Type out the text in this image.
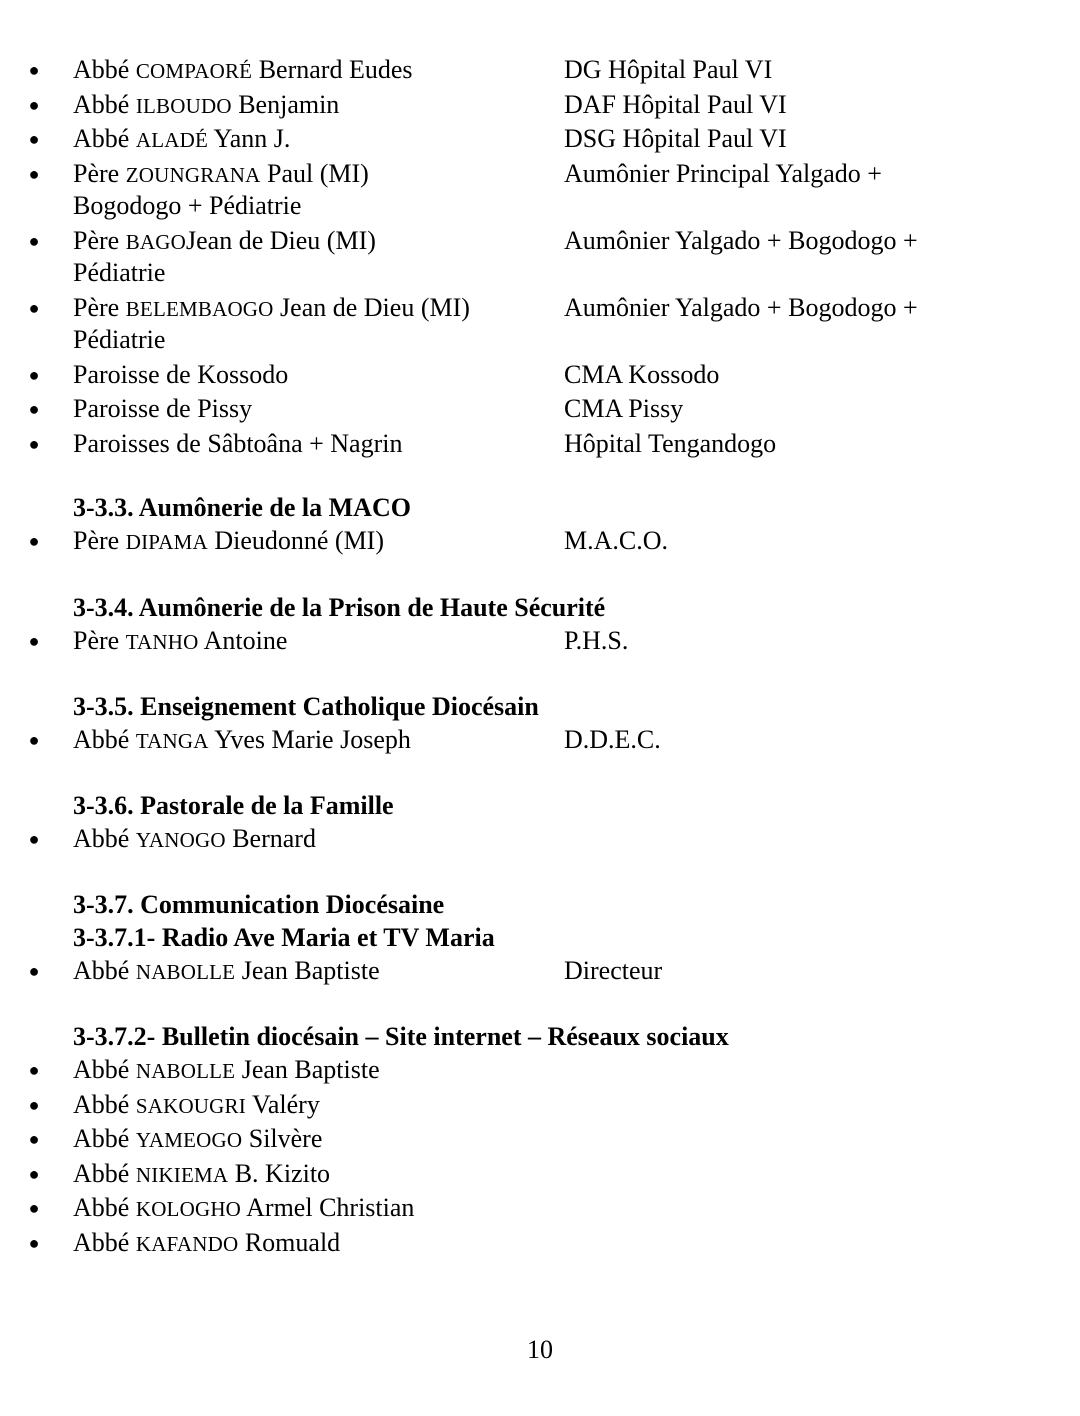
● Abbé COMPAORÉ Bernard Eudes	DG Hôpital Paul VI
● Abbé ILBOUDO Benjamin	DAF Hôpital Paul VI
● Abbé ALADÉ Yann J.	DSG Hôpital Paul VI
● Père ZOUNGRANA Paul (MI)	Aumônier Principal Yalgado +
Bogodogo + Pédiatrie
● Père BAGOJean de Dieu (MI)	Aumônier Yalgado + Bogodogo +
Pédiatrie
● Père BELEMBAOGO Jean de Dieu (MI)	Aumônier Yalgado + Bogodogo +
Pédiatrie
● Paroisse de Kossodo	CMA Kossodo
● Paroisse de Pissy	CMA Pissy
● Paroisses de Sâbtoâna + Nagrin	Hôpital Tengandogo
3-3.3. Aumônerie de la MACO
● Père DIPAMA Dieudonné (MI)	M.A.C.O.
3-3.4. Aumônerie de la Prison de Haute Sécurité
● Père TANHO Antoine	P.H.S.
3-3.5. Enseignement Catholique Diocésain
● Abbé TANGA Yves Marie Joseph	D.D.E.C.
3-3.6. Pastorale de la Famille
● Abbé YANOGO Bernard
3-3.7. Communication Diocésaine
3-3.7.1- Radio Ave Maria et TV Maria
● Abbé NABOLLE Jean Baptiste	Directeur
3-3.7.2- Bulletin diocésain – Site internet – Réseaux sociaux
● Abbé NABOLLE Jean Baptiste
● Abbé SAKOUGRI Valéry
● Abbé YAMEOGO Silvère
● Abbé NIKIEMA B. Kizito
● Abbé KOLOGHO Armel Christian
● Abbé KAFANDO Romuald
10
